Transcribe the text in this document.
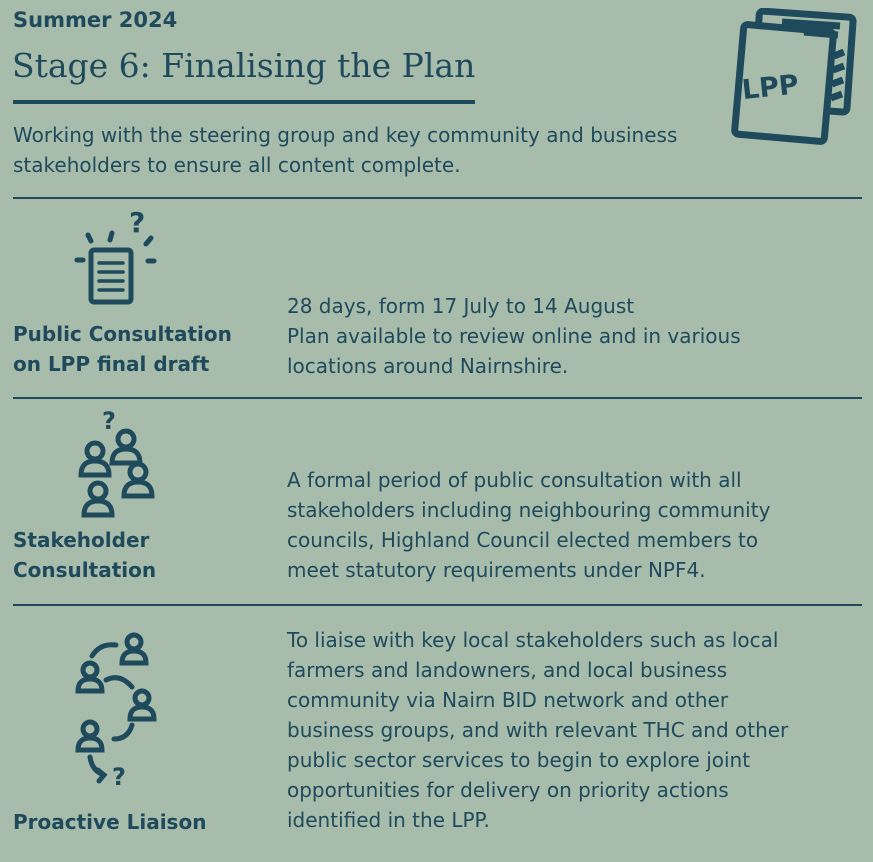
Summer 2024
Stage 6: Finalising the Plan
Working with the steering group and key community and business stakeholders to ensure all content complete.
LPP
?
Public Consultation
on LPP final draft
28 days, form 17 July to 14 August
Plan available to review online and in various
locations around Nairnshire.
?
Stakeholder
Consultation
A formal period of public consultation with all
stakeholders including neighbouring community
councils, Highland Council elected members to
meet statutory requirements under NPF4.
?
Proactive Liaison
To liaise with key local stakeholders such as local
farmers and landowners, and local business
community via Nairn BID network and other
business groups, and with relevant THC and other
public sector services to begin to explore joint
opportunities for delivery on priority actions
identified in the LPP.
